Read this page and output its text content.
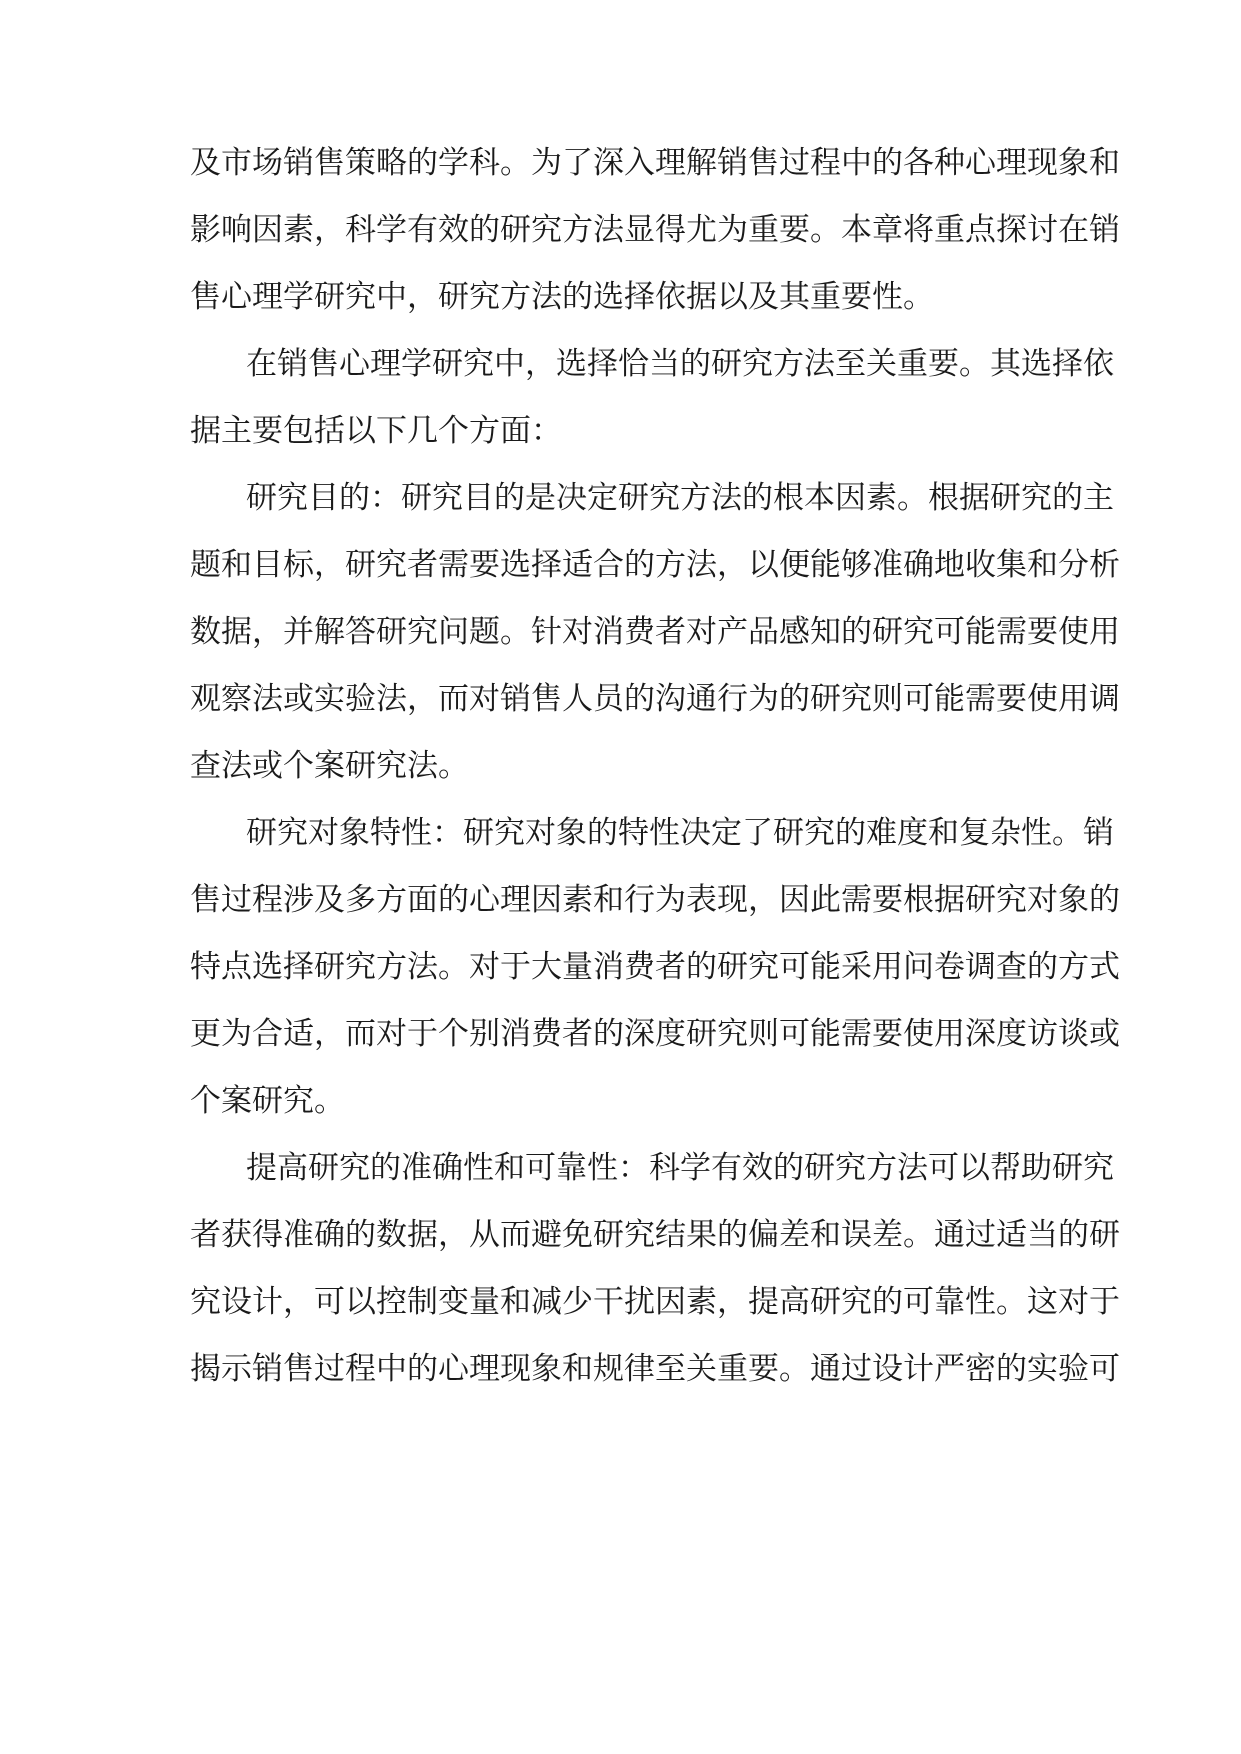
及市场销售策略的学科。为了深入理解销售过程中的各种心理现象和
影响因素，科学有效的研究方法显得尤为重要。本章将重点探讨在销
售心理学研究中，研究方法的选择依据以及其重要性。
在销售心理学研究中，选择恰当的研究方法至关重要。其选择依
据主要包括以下几个方面：
研究目的：研究目的是决定研究方法的根本因素。根据研究的主
题和目标，研究者需要选择适合的方法，以便能够准确地收集和分析
数据，并解答研究问题。针对消费者对产品感知的研究可能需要使用
观察法或实验法，而对销售人员的沟通行为的研究则可能需要使用调
查法或个案研究法。
研究对象特性：研究对象的特性决定了研究的难度和复杂性。销
售过程涉及多方面的心理因素和行为表现，因此需要根据研究对象的
特点选择研究方法。对于大量消费者的研究可能采用问卷调查的方式
更为合适，而对于个别消费者的深度研究则可能需要使用深度访谈或
个案研究。
提高研究的准确性和可靠性：科学有效的研究方法可以帮助研究
者获得准确的数据，从而避免研究结果的偏差和误差。通过适当的研
究设计，可以控制变量和减少干扰因素，提高研究的可靠性。这对于
揭示销售过程中的心理现象和规律至关重要。通过设计严密的实验可
